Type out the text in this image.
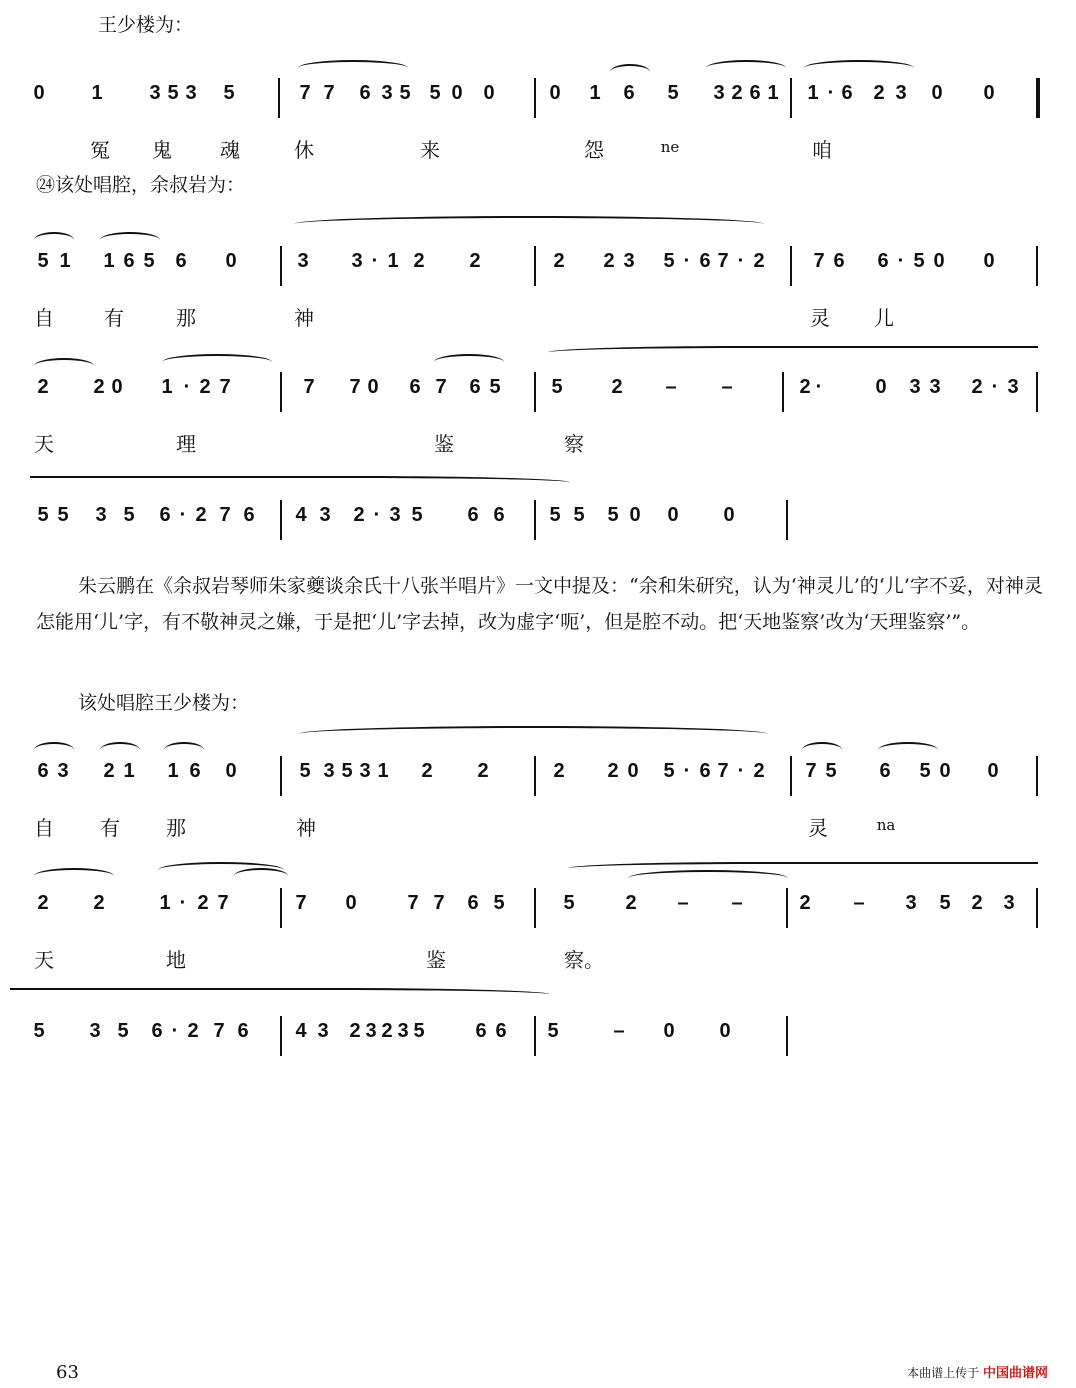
王少楼为：
0 1 3 5 3 5	7 7 6 3 5 5 0 0	0 1 6 5 3 2 6 1 1 · 6 2 3 0 0
冤	鬼	魂	休	来	怨	ne	咱
㉔该处唱腔，余叔岩为：
5 1 1 6 5 6 0	3 3 · 1 2 2	2 2 3 5 · 6 7 · 2 7 6 6 · 5 0 0
自	有	那	神	灵	儿
2 2 0 1 · 2 7	7 7 0 6 7 6 5	5 2 – –	2 ·	0 3 3 2 · 3
天	理	鉴	察
5 5 3 5 6 · 2 7 6 4 3 2 · 3 5 6 6 5 5 5 0 0 0

朱云鹏在《余叔岩琴师朱家夔谈余氏十八张半唱片》一文中提及：“余和朱研究，认为‘神灵儿’的‘儿’字不妥，对神灵怎能用‘儿’字，有不敬神灵之嫌，于是把‘儿’字去掉，改为虚字‘呃’，但是腔不动。把‘天地鉴察’改为‘天理鉴察’”。

该处唱腔王少楼为：
6 3 2 1 1 6 0	5 3 5 3 1 2 2	2 2 0 5 · 6 7 · 2 7 5 6 5 0 0
自	有	那	神	灵	na
2 2	1 · 2 7	7 0	7 7 6 5	5	2 – –	2 – 3 5 2 3
天	地	鉴	察。
5 3 5 6 · 2 7 6 4 3 2 3 2 3 5	6 6 5	– 0 0
63	本曲谱上传于 中国曲谱网
